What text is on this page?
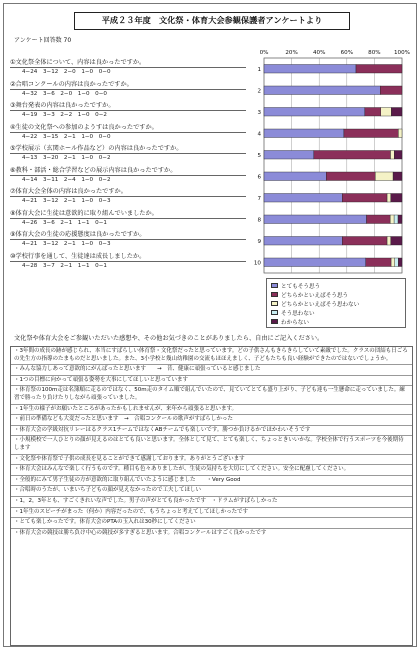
平成２３年度　文化祭・体育大会参観保護者アンケートより
アンケート回答数 70
①文化祭全体について、内容は良かったですか。
4−24　3−12　2−0　1−0　0−0
②合唱コンクールの内容は良かったですか。
4−32　3−6　2−0　1−0　0−0
③舞台発表の内容は良かったですか。
4−19　3−3　2−2　1−0　0−2
④生徒の文化祭への参加のようすは良かったですか。
4−22　3−15　2−1　1−0　0−0
⑤学校展示（玄関ホール作品など）の内容は良かったですか。
4−13　3−20　2−1　1−0　0−2
⑥教科・部活・総合学習などの展示内容は良かったですか。
4−14　3−11　2−4　1−0　0−2
⑦体育大会全体の内容は良かったですか。
4−21　3−12　2−1　1−0　0−3
⑧体育大会に生徒は意欲的に取り組んでいましたか。
4−26　3−6　2−1　1−1　0−1
⑨体育大会の生徒の応援態度は良かったですか。
4−21　3−12　2−1　1−0　0−3
⑩学校行事を通して、生徒達は成長しましたか。
4−28　3−7　2−1　1−1　0−1
0%	20%	40%	60%	80% 100%
1
2
3
4
5
6
7
8
9
10
とてもそう思う
どちらかといえばそう思う
どちらかといえばそう思わない
そう思わない
わからない
文化祭や体育大会をご参観いただいた感想や、その他お気づきのことがありましたら、自由にご記入ください。
・3年間の成長の跡が感じられ、本当にすばらしい体育祭・文化祭だったと思っています。どの子供さんもきらきらしていて素敵でした。クラスの団結も日ごろの先生方の指導のたまものだと思いました。また、3小学校と幾山幼稚園の交流もほほえましく、子どもたちも良い経験ができたのではないでしょうか。
・みんな協力しあって意欲的にがんばったと思います　　→　昔、健康に頑張っていると感じました
・1つの目標に向かって頑張る姿勢を大事にしてほしいと思っています
・体育祭の100m走は名簿順に走るのではなく、50m走のタイム順で組んでいたので、見ていてとても盛り上がり、子ども達も一生懸命に走っていました。練習で勝ったり負けたりしながら頑張っていました。
・1年生の様子がお願いたところがあったかもしれませんが、来年から頑張ると思います。
・前日の準備なども大変だったと思います　→　合唱コンクールの歌声がすばらしかった
・体育大会の学級対抗リレーはるクラス1チームではなくABチームでも楽しいです。勝つか負けるかでほかわいそうです
・小規模校で一人ひとりの顔が見えるのはとても良いと思います。全体として見て、とても楽しく、ちょっときいいかな。学校全体で行うスポーツを今後期待します
・文化祭や体育祭で子供の成長を見ることができて感謝しております。ありがとうございます
・体育大会はみんなで楽しく行うものです。種目も色々ありましたが、生徒の気持ちを大切にしてください。安全に配慮してください。
・全般的にみて男子生徒の方が意欲的に取り組んでいたように感じました　　・Very Good
・合唱時のうたが、いまいち子どもの顔が見えなかったので工夫してほしい
・1，2，3年とも、すごくきれいな声でした。男子の声がとても良かったです　・ドラムがすばらしかった
・1年生のスピーチがまった（何か）内容だったので、もうちょっと考えてしてほしかったです
・とても楽しかったです。体育大会のPTAの玉入れは30秒にしてください
・体育大会の競技は勝ち負け中心の競技が多すぎると思います。合唱コンクールはすごく良かったです
